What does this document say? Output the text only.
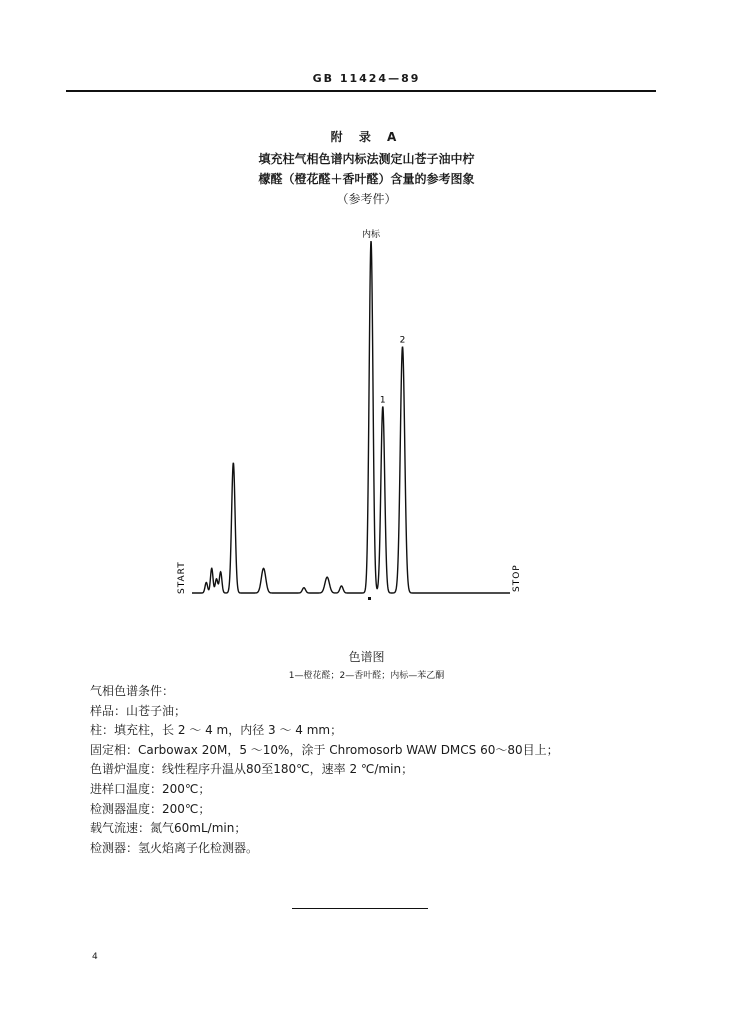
GB 11424—89
附 录 A
填充柱气相色谱内标法测定山苍子油中柠
檬醛（橙花醛＋香叶醛）含量的参考图象
（参考件）
START	STOP
内标
1
2
色谱图
1—橙花醛；2—香叶醛；内标—苯乙酮
气相色谱条件：
样品：山苍子油；
柱：填充柱，长 2 ～ 4 m，内径 3 ～ 4 mm；
固定相：Carbowax 20M，5 ～10%，涂于 Chromosorb WAW DMCS 60～80目上；
色谱炉温度：线性程序升温从80至180℃，速率 2 ℃/min；
进样口温度：200℃；
检测器温度：200℃；
载气流速：氮气60mL/min；
检测器：氢火焰离子化检测器。
4
